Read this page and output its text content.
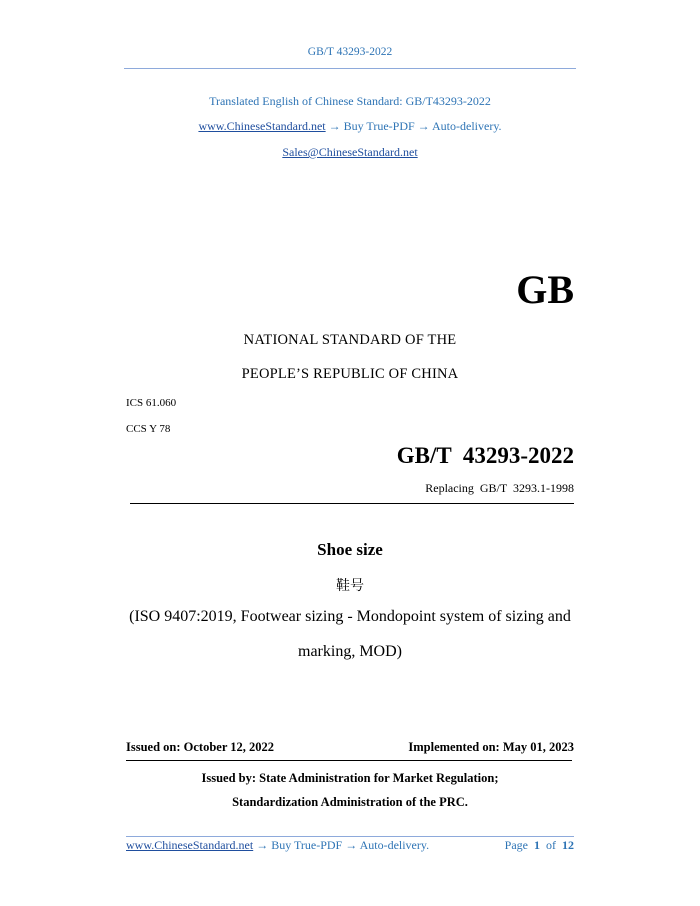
GB/T 43293-2022
Translated English of Chinese Standard: GB/T43293-2022
www.ChineseStandard.net → Buy True-PDF → Auto-delivery.
Sales@ChineseStandard.net
GB
NATIONAL STANDARD OF THE
PEOPLE’S REPUBLIC OF CHINA
ICS 61.060
CCS Y 78
GB/T  43293-2022
Replacing  GB/T  3293.1-1998
Shoe size
鞋号
(ISO 9407:2019, Footwear sizing - Mondopoint system of sizing and
marking, MOD)
Issued on: October 12, 2022	Implemented on: May 01, 2023
Issued by: State Administration for Market Regulation;
Standardization Administration of the PRC.
www.ChineseStandard.net → Buy True-PDF → Auto-delivery.	Page 1 of 12
